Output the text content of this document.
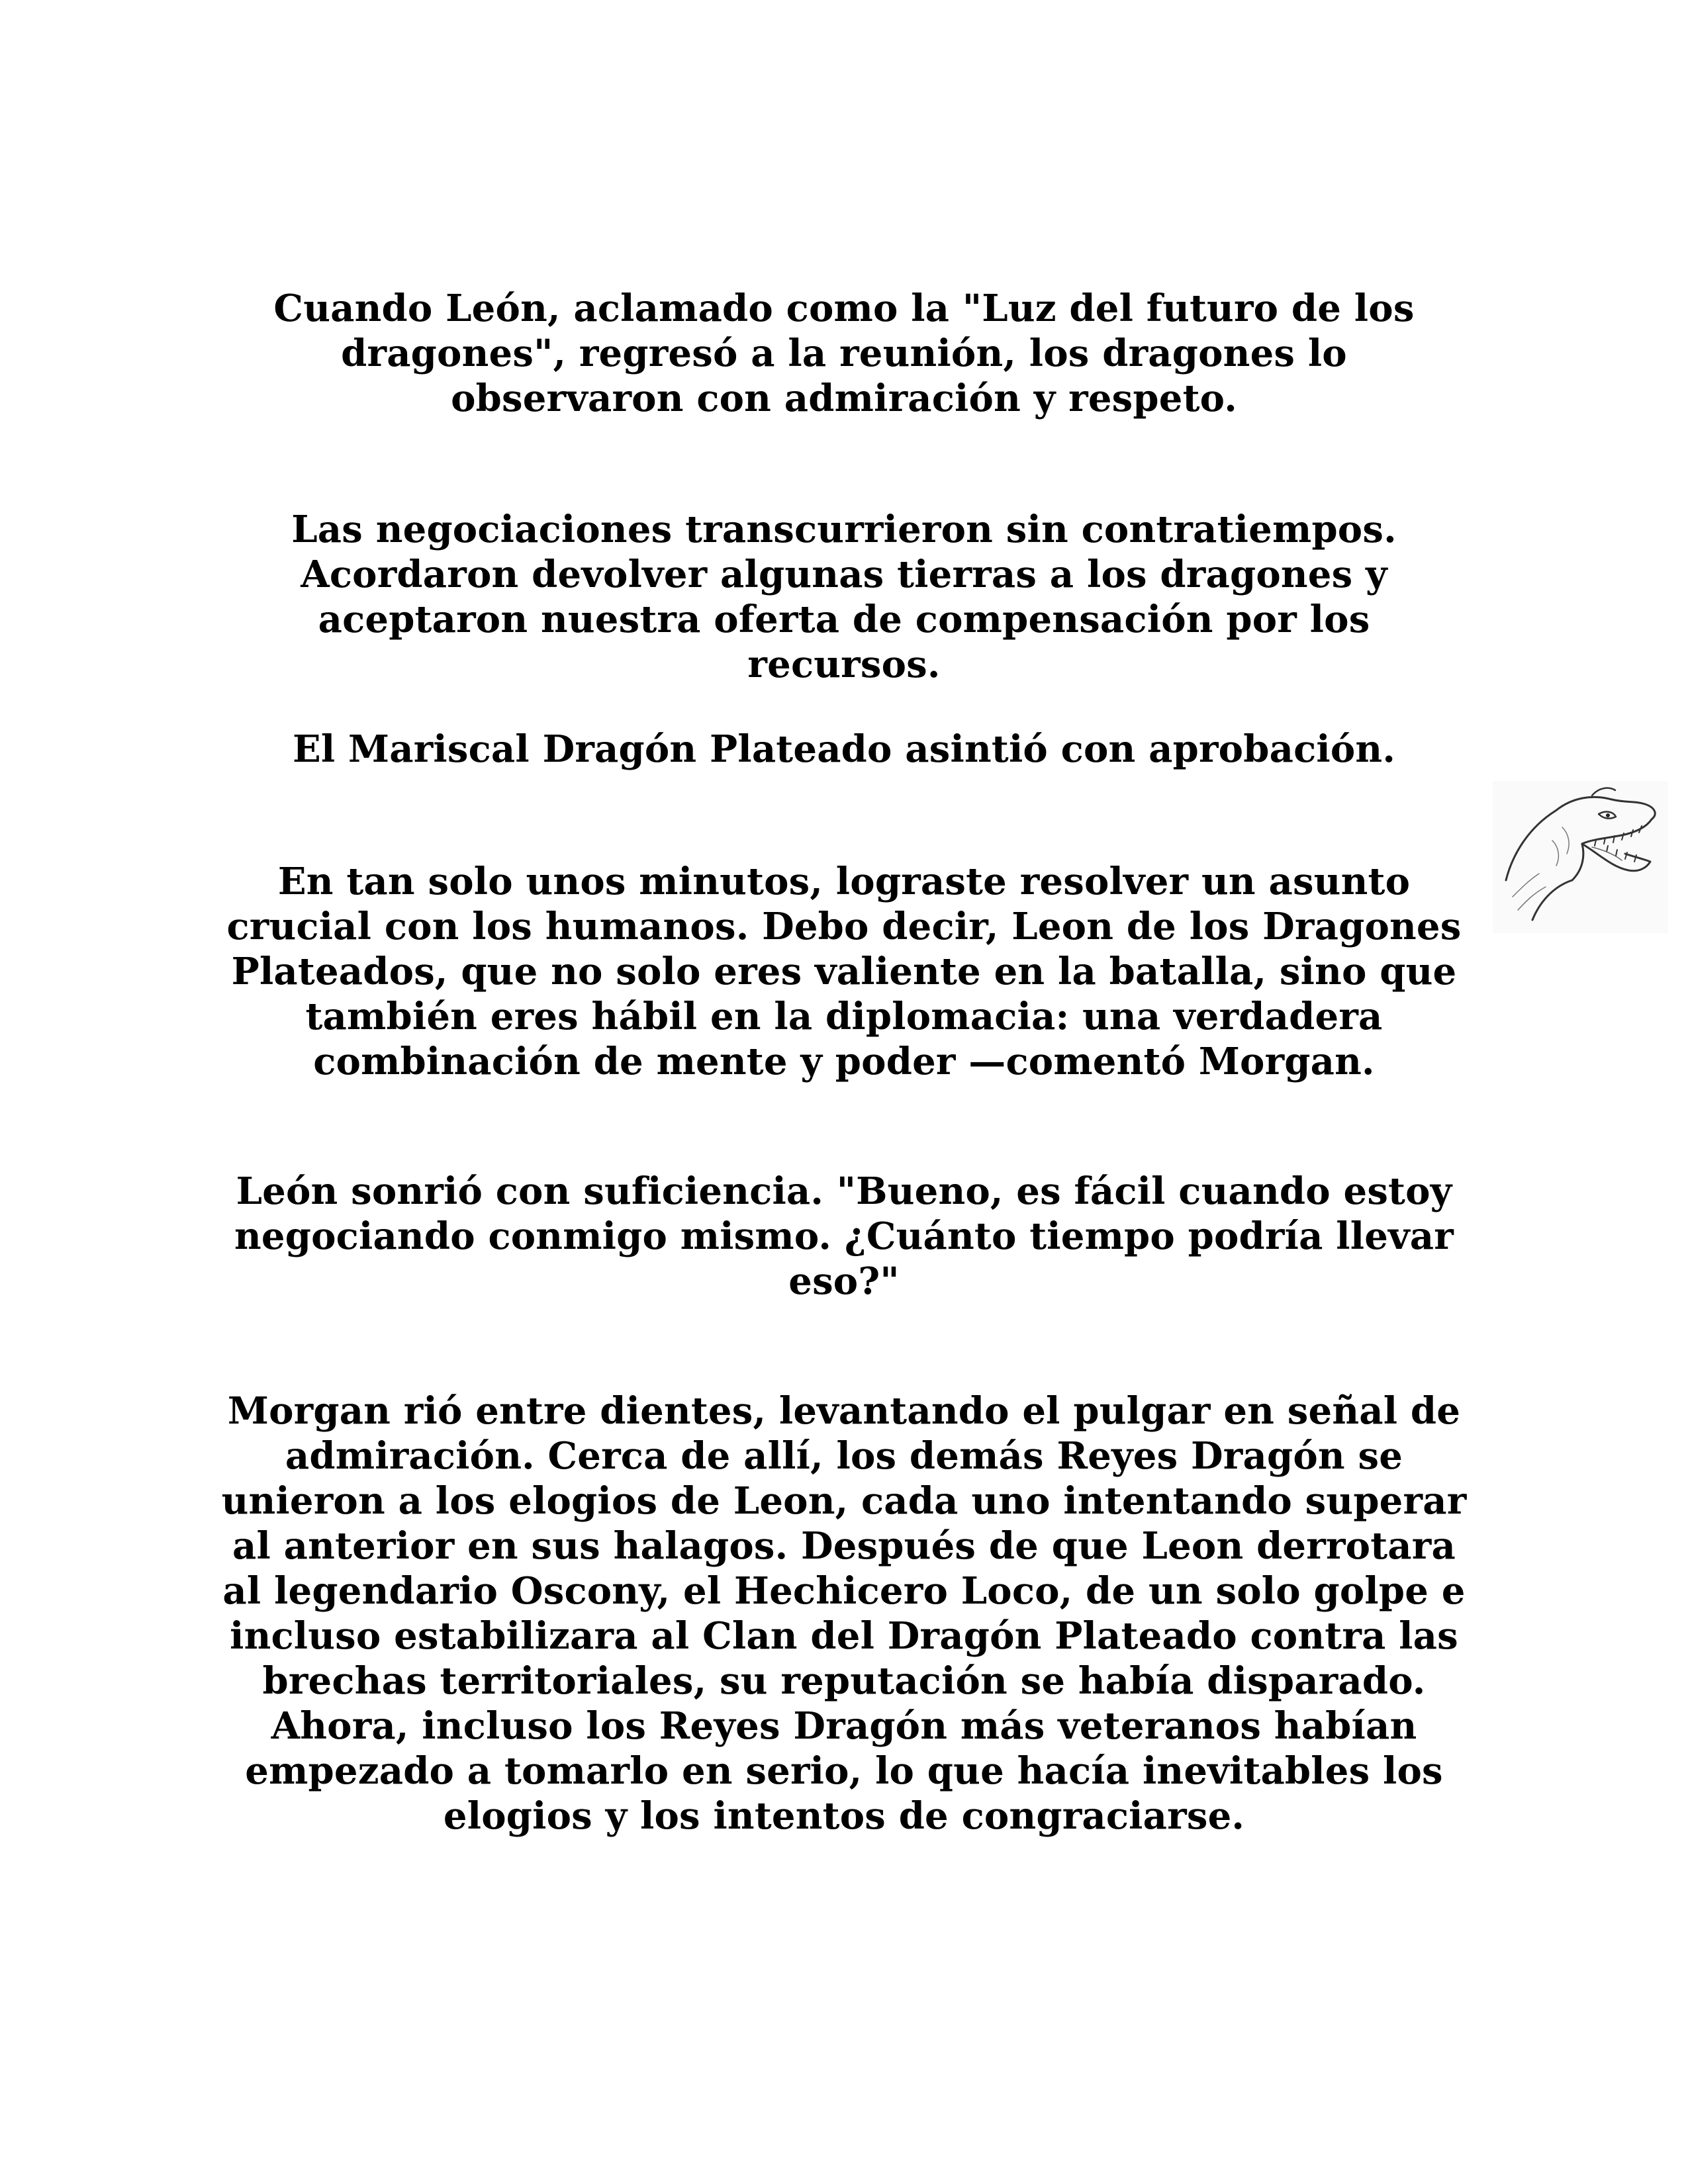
Cuando León, aclamado como la "Luz del futuro de los dragones", regresó a la reunión, los dragones lo observaron con admiración y respeto.

Las negociaciones transcurrieron sin contratiempos. Acordaron devolver algunas tierras a los dragones y aceptaron nuestra oferta de compensación por los recursos.

El Mariscal Dragón Plateado asintió con aprobación.

En tan solo unos minutos, lograste resolver un asunto crucial con los humanos. Debo decir, Leon de los Dragones Plateados, que no solo eres valiente en la batalla, sino que también eres hábil en la diplomacia: una verdadera combinación de mente y poder —comentó Morgan.

León sonrió con suficiencia. "Bueno, es fácil cuando estoy negociando conmigo mismo. ¿Cuánto tiempo podría llevar eso?"

Morgan rió entre dientes, levantando el pulgar en señal de admiración. Cerca de allí, los demás Reyes Dragón se unieron a los elogios de Leon, cada uno intentando superar al anterior en sus halagos. Después de que Leon derrotara al legendario Oscony, el Hechicero Loco, de un solo golpe e incluso estabilizara al Clan del Dragón Plateado contra las brechas territoriales, su reputación se había disparado. Ahora, incluso los Reyes Dragón más veteranos habían empezado a tomarlo en serio, lo que hacía inevitables los elogios y los intentos de congraciarse.
